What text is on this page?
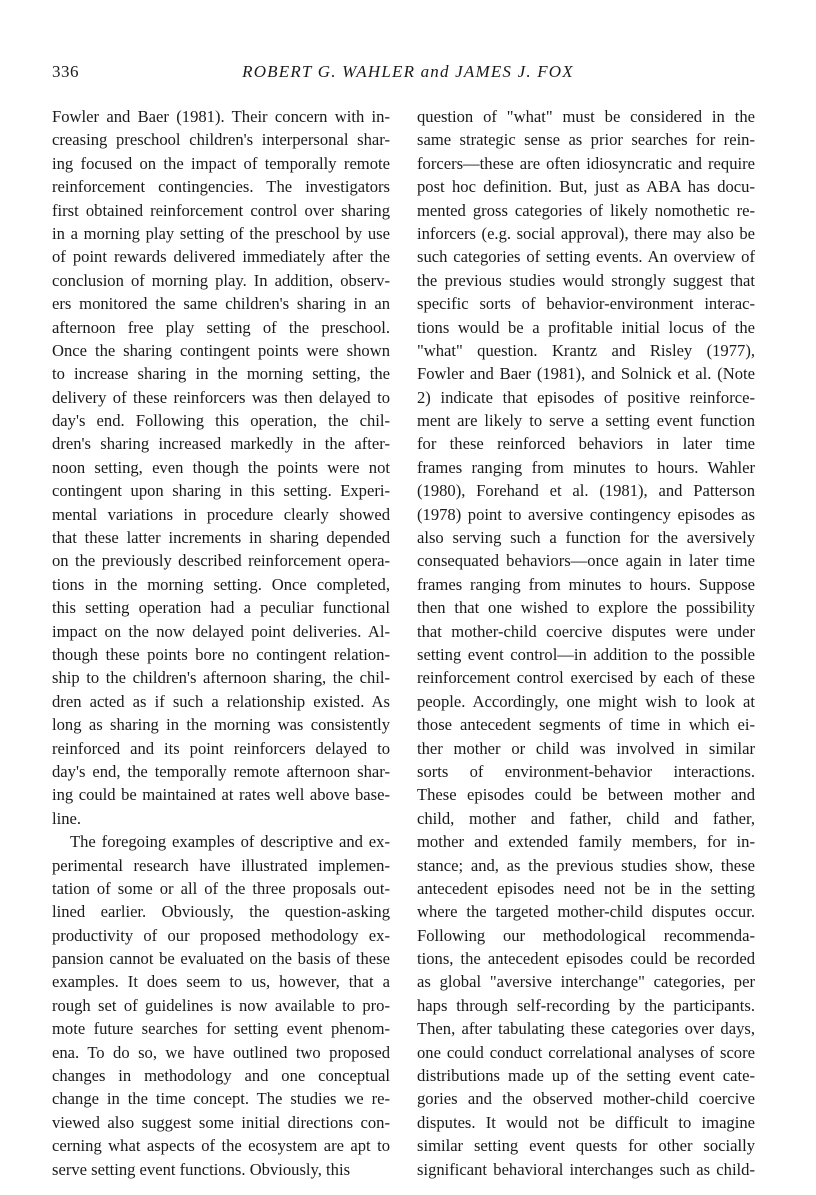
336	ROBERT G. WAHLER and JAMES J. FOX
Fowler and Baer (1981). Their concern with in-
creasing preschool children's interpersonal shar-
ing focused on the impact of temporally remote
reinforcement contingencies. The investigators
first obtained reinforcement control over sharing
in a morning play setting of the preschool by use
of point rewards delivered immediately after the
conclusion of morning play. In addition, observ-
ers monitored the same children's sharing in an
afternoon free play setting of the preschool.
Once the sharing contingent points were shown
to increase sharing in the morning setting, the
delivery of these reinforcers was then delayed to
day's end. Following this operation, the chil-
dren's sharing increased markedly in the after-
noon setting, even though the points were not
contingent upon sharing in this setting. Experi-
mental variations in procedure clearly showed
that these latter increments in sharing depended
on the previously described reinforcement opera-
tions in the morning setting. Once completed,
this setting operation had a peculiar functional
impact on the now delayed point deliveries. Al-
though these points bore no contingent relation-
ship to the children's afternoon sharing, the chil-
dren acted as if such a relationship existed. As
long as sharing in the morning was consistently
reinforced and its point reinforcers delayed to
day's end, the temporally remote afternoon shar-
ing could be maintained at rates well above base-
line.
The foregoing examples of descriptive and ex-
perimental research have illustrated implemen-
tation of some or all of the three proposals out-
lined earlier. Obviously, the question-asking
productivity of our proposed methodology ex-
pansion cannot be evaluated on the basis of these
examples. It does seem to us, however, that a
rough set of guidelines is now available to pro-
mote future searches for setting event phenom-
ena. To do so, we have outlined two proposed
changes in methodology and one conceptual
change in the time concept. The studies we re-
viewed also suggest some initial directions con-
cerning what aspects of the ecosystem are apt to
serve setting event functions. Obviously, this
question of "what" must be considered in the
same strategic sense as prior searches for rein-
forcers—these are often idiosyncratic and require
post hoc definition. But, just as ABA has docu-
mented gross categories of likely nomothetic re-
inforcers (e.g. social approval), there may also be
such categories of setting events. An overview of
the previous studies would strongly suggest that
specific sorts of behavior-environment interac-
tions would be a profitable initial locus of the
"what" question. Krantz and Risley (1977),
Fowler and Baer (1981), and Solnick et al. (Note
2) indicate that episodes of positive reinforce-
ment are likely to serve a setting event function
for these reinforced behaviors in later time
frames ranging from minutes to hours. Wahler
(1980), Forehand et al. (1981), and Patterson
(1978) point to aversive contingency episodes as
also serving such a function for the aversively
consequated behaviors—once again in later time
frames ranging from minutes to hours. Suppose
then that one wished to explore the possibility
that mother-child coercive disputes were under
setting event control—in addition to the possible
reinforcement control exercised by each of these
people. Accordingly, one might wish to look at
those antecedent segments of time in which ei-
ther mother or child was involved in similar
sorts of environment-behavior interactions.
These episodes could be between mother and
child, mother and father, child and father,
mother and extended family members, for in-
stance; and, as the previous studies show, these
antecedent episodes need not be in the setting
where the targeted mother-child disputes occur.
Following our methodological recommenda-
tions, the antecedent episodes could be recorded
as global "aversive interchange" categories, per
haps through self-recording by the participants.
Then, after tabulating these categories over days,
one could conduct correlational analyses of score
distributions made up of the setting event cate-
gories and the observed mother-child coercive
disputes. It would not be difficult to imagine
similar setting event quests for other socially
significant behavioral interchanges such as child-
